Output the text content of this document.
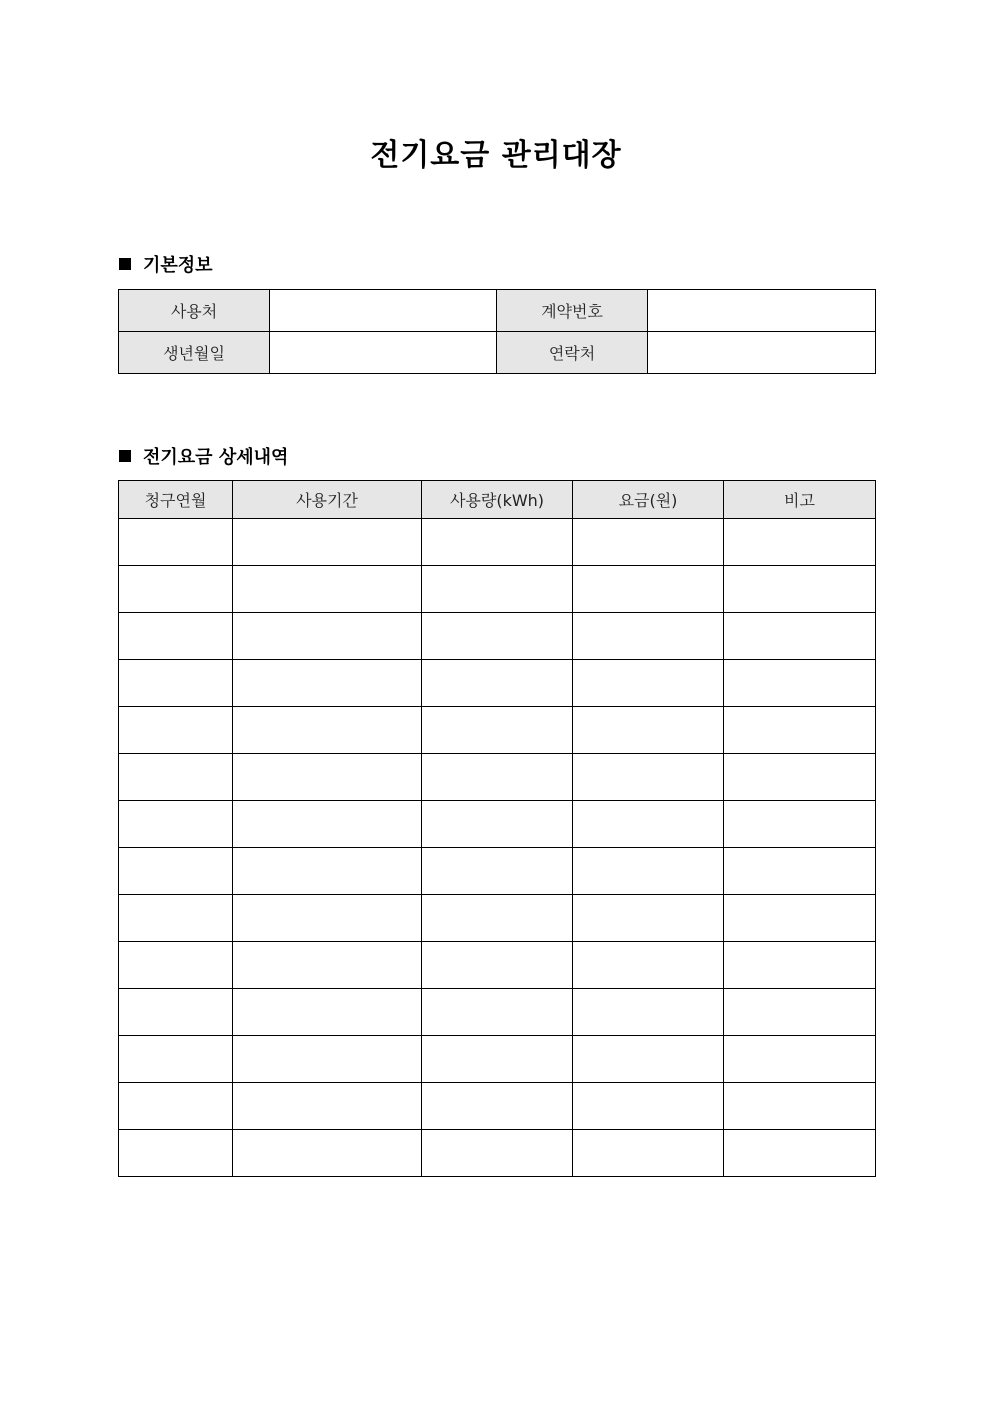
전기요금 관리대장
기본정보
사용처		계약번호	
생년월일		연락처	
전기요금 상세내역
청구연월	사용기간	사용량(kWh)	요금(원)	비고
